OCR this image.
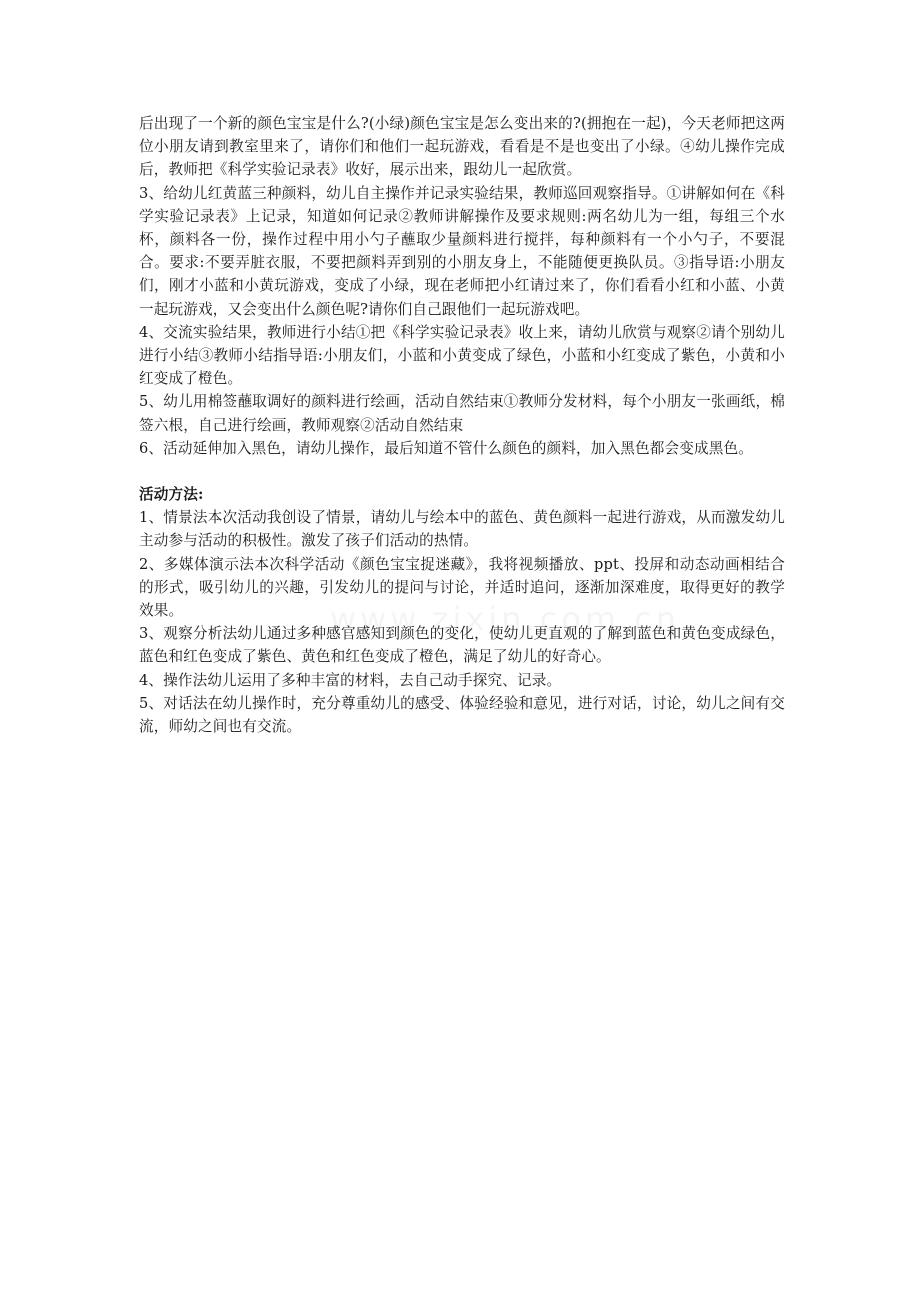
后出现了一个新的颜色宝宝是什么?(小绿)颜色宝宝是怎么变出来的?(拥抱在一起)，今天老师把这两位小朋友请到教室里来了，请你们和他们一起玩游戏，看看是不是也变出了小绿。④幼儿操作完成后，教师把《科学实验记录表》收好，展示出来，跟幼儿一起欣赏。

3、给幼儿红黄蓝三种颜料，幼儿自主操作并记录实验结果，教师巡回观察指导。①讲解如何在《科学实验记录表》上记录，知道如何记录②教师讲解操作及要求规则:两名幼儿为一组，每组三个水杯，颜料各一份，操作过程中用小勺子蘸取少量颜料进行搅拌，每种颜料有一个小勺子，不要混合。要求:不要弄脏衣服，不要把颜料弄到别的小朋友身上，不能随便更换队员。③指导语:小朋友们，刚才小蓝和小黄玩游戏，变成了小绿，现在老师把小红请过来了，你们看看小红和小蓝、小黄一起玩游戏，又会变出什么颜色呢?请你们自己跟他们一起玩游戏吧。

4、交流实验结果，教师进行小结①把《科学实验记录表》收上来，请幼儿欣赏与观察②请个别幼儿进行小结③教师小结指导语:小朋友们，小蓝和小黄变成了绿色，小蓝和小红变成了紫色，小黄和小红变成了橙色。

5、幼儿用棉签蘸取调好的颜料进行绘画，活动自然结束①教师分发材料，每个小朋友一张画纸，棉签六根，自己进行绘画，教师观察②活动自然结束

6、活动延伸加入黑色，请幼儿操作，最后知道不管什么颜色的颜料，加入黑色都会变成黑色。

活动方法:

1、情景法本次活动我创设了情景，请幼儿与绘本中的蓝色、黄色颜料一起进行游戏，从而激发幼儿主动参与活动的积极性。激发了孩子们活动的热情。

2、多媒体演示法本次科学活动《颜色宝宝捉迷藏》，我将视频播放、ppt、投屏和动态动画相结合的形式，吸引幼儿的兴趣，引发幼儿的提问与讨论，并适时追问，逐渐加深难度，取得更好的教学效果。

3、观察分析法幼儿通过多种感官感知到颜色的变化，使幼儿更直观的了解到蓝色和黄色变成绿色，蓝色和红色变成了紫色、黄色和红色变成了橙色，满足了幼儿的好奇心。

4、操作法幼儿运用了多种丰富的材料，去自己动手探究、记录。

5、对话法在幼儿操作时，充分尊重幼儿的感受、体验经验和意见，进行对话，讨论，幼儿之间有交流，师幼之间也有交流。
